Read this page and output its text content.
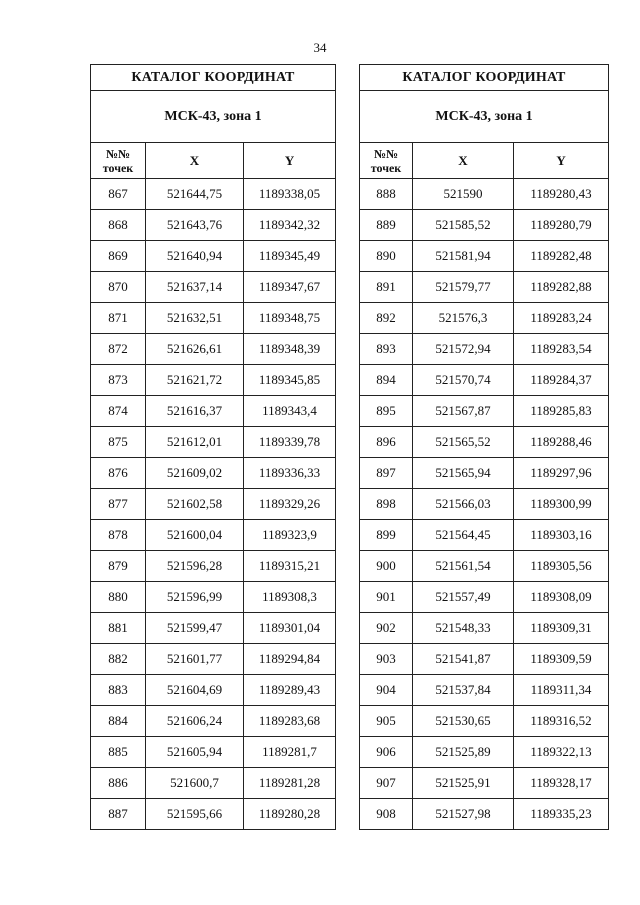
34
КАТАЛОГ КООРДИНАТ		
МСК-43, зона 1		

№№
точек	X	Y
867	521644,75	1189338,05
868	521643,76	1189342,32
869	521640,94	1189345,49
870	521637,14	1189347,67
871	521632,51	1189348,75
872	521626,61	1189348,39
873	521621,72	1189345,85
874	521616,37	1189343,4
875	521612,01	1189339,78
876	521609,02	1189336,33
877	521602,58	1189329,26
878	521600,04	1189323,9
879	521596,28	1189315,21
880	521596,99	1189308,3
881	521599,47	1189301,04
882	521601,77	1189294,84
883	521604,69	1189289,43
884	521606,24	1189283,68
885	521605,94	1189281,7
886	521600,7	1189281,28
887	521595,66	1189280,28
КАТАЛОГ КООРДИНАТ		
МСК-43, зона 1		

№№
точек	X	Y
888	521590	1189280,43
889	521585,52	1189280,79
890	521581,94	1189282,48
891	521579,77	1189282,88
892	521576,3	1189283,24
893	521572,94	1189283,54
894	521570,74	1189284,37
895	521567,87	1189285,83
896	521565,52	1189288,46
897	521565,94	1189297,96
898	521566,03	1189300,99
899	521564,45	1189303,16
900	521561,54	1189305,56
901	521557,49	1189308,09
902	521548,33	1189309,31
903	521541,87	1189309,59
904	521537,84	1189311,34
905	521530,65	1189316,52
906	521525,89	1189322,13
907	521525,91	1189328,17
908	521527,98	1189335,23
